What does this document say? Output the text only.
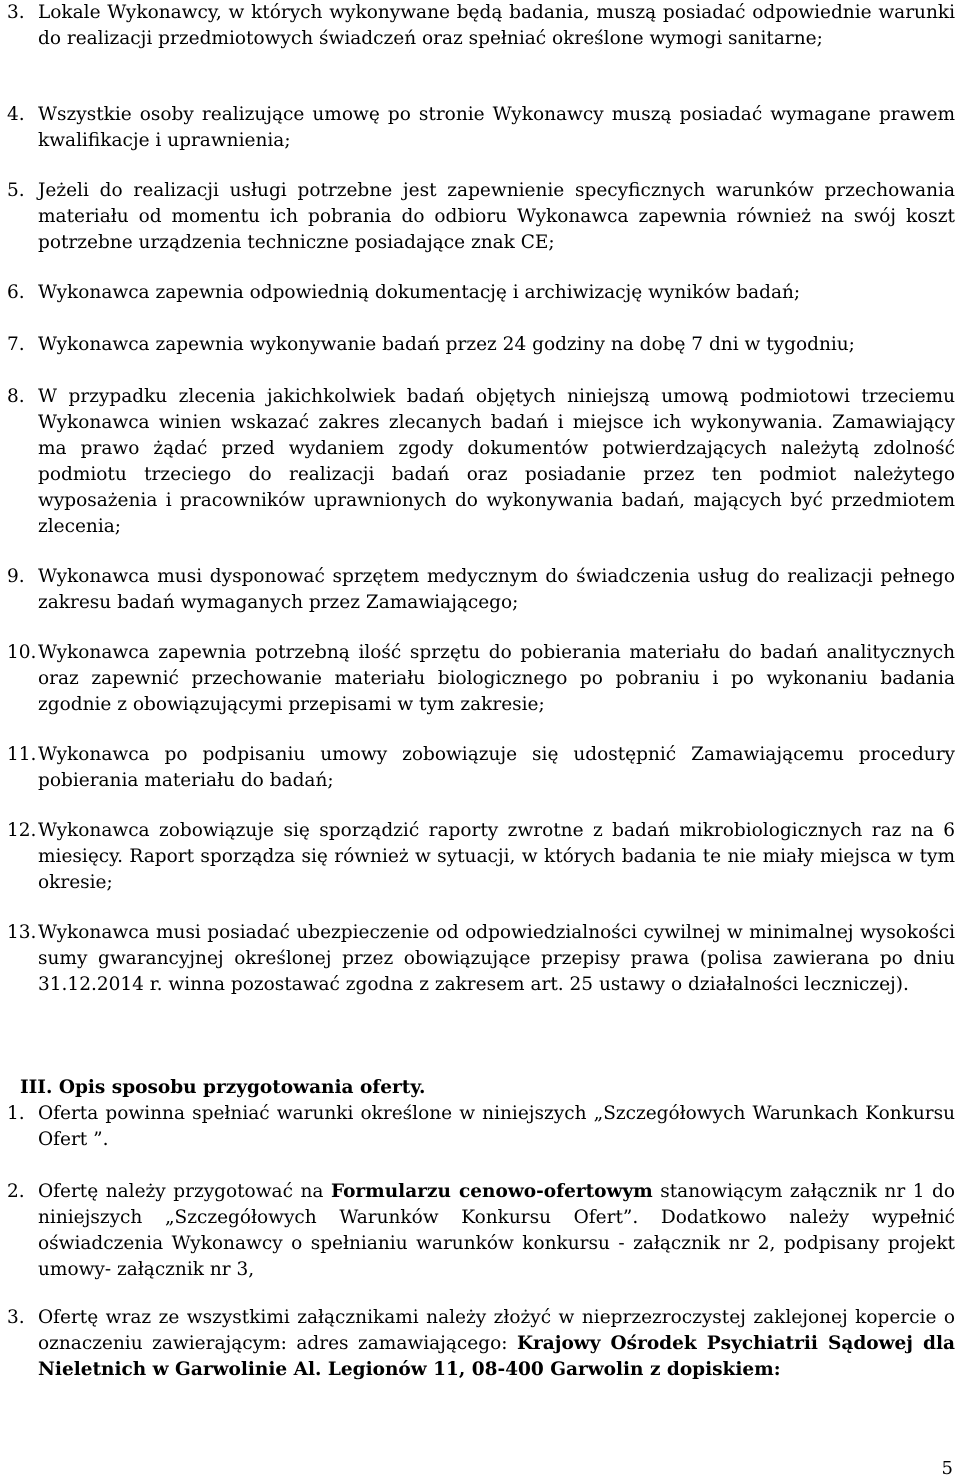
3. Lokale Wykonawcy, w których wykonywane będą badania, muszą posiadać odpowiednie warunki do realizacji przedmiotowych świadczeń oraz spełniać określone wymogi sanitarne;
4. Wszystkie osoby realizujące umowę po stronie Wykonawcy muszą posiadać wymagane prawem kwalifikacje i uprawnienia;
5. Jeżeli do realizacji usługi potrzebne jest zapewnienie specyficznych warunków przechowania materiału od momentu ich pobrania do odbioru Wykonawca zapewnia również na swój koszt potrzebne urządzenia techniczne posiadające znak CE;
6. Wykonawca zapewnia odpowiednią dokumentację i archiwizację wyników badań;
7. Wykonawca zapewnia wykonywanie badań przez 24 godziny na dobę 7 dni w tygodniu;
8. W przypadku zlecenia jakichkolwiek badań objętych niniejszą umową podmiotowi trzeciemu Wykonawca winien wskazać zakres zlecanych badań i miejsce ich wykonywania. Zamawiający ma prawo żądać przed wydaniem zgody dokumentów potwierdzających należytą zdolność podmiotu trzeciego do realizacji badań oraz posiadanie przez ten podmiot należytego wyposażenia i pracowników uprawnionych do wykonywania badań, mających być przedmiotem zlecenia;
9. Wykonawca musi dysponować sprzętem medycznym do świadczenia usług do realizacji pełnego zakresu badań wymaganych przez Zamawiającego;
10. Wykonawca zapewnia potrzebną ilość sprzętu do pobierania materiału do badań analitycznych oraz zapewnić przechowanie materiału biologicznego po pobraniu i po wykonaniu badania zgodnie z obowiązującymi przepisami w tym zakresie;
11. Wykonawca po podpisaniu umowy zobowiązuje się udostępnić Zamawiającemu procedury pobierania materiału do badań;
12. Wykonawca zobowiązuje się sporządzić raporty zwrotne z badań mikrobiologicznych raz na 6 miesięcy. Raport sporządza się również w sytuacji, w których badania te nie miały miejsca w tym okresie;
13. Wykonawca musi posiadać ubezpieczenie od odpowiedzialności cywilnej w minimalnej wysokości sumy gwarancyjnej określonej przez obowiązujące przepisy prawa (polisa zawierana po dniu 31.12.2014 r. winna pozostawać zgodna z zakresem art. 25 ustawy o działalności leczniczej).
III. Opis sposobu przygotowania oferty.
1. Oferta powinna spełniać warunki określone w niniejszych „Szczegółowych Warunkach Konkursu Ofert ”.
2. Ofertę należy przygotować na Formularzu cenowo-ofertowym stanowiącym załącznik nr 1 do niniejszych „Szczegółowych Warunków Konkursu Ofert”. Dodatkowo należy wypełnić oświadczenia Wykonawcy o spełnianiu warunków konkursu - załącznik nr 2, podpisany projekt umowy- załącznik nr 3,
3. Ofertę wraz ze wszystkimi załącznikami należy złożyć w nieprzezroczystej zaklejonej kopercie o oznaczeniu zawierającym: adres zamawiającego: Krajowy Ośrodek Psychiatrii Sądowej dla Nieletnich w Garwolinie Al. Legionów 11, 08-400 Garwolin z dopiskiem:
5
